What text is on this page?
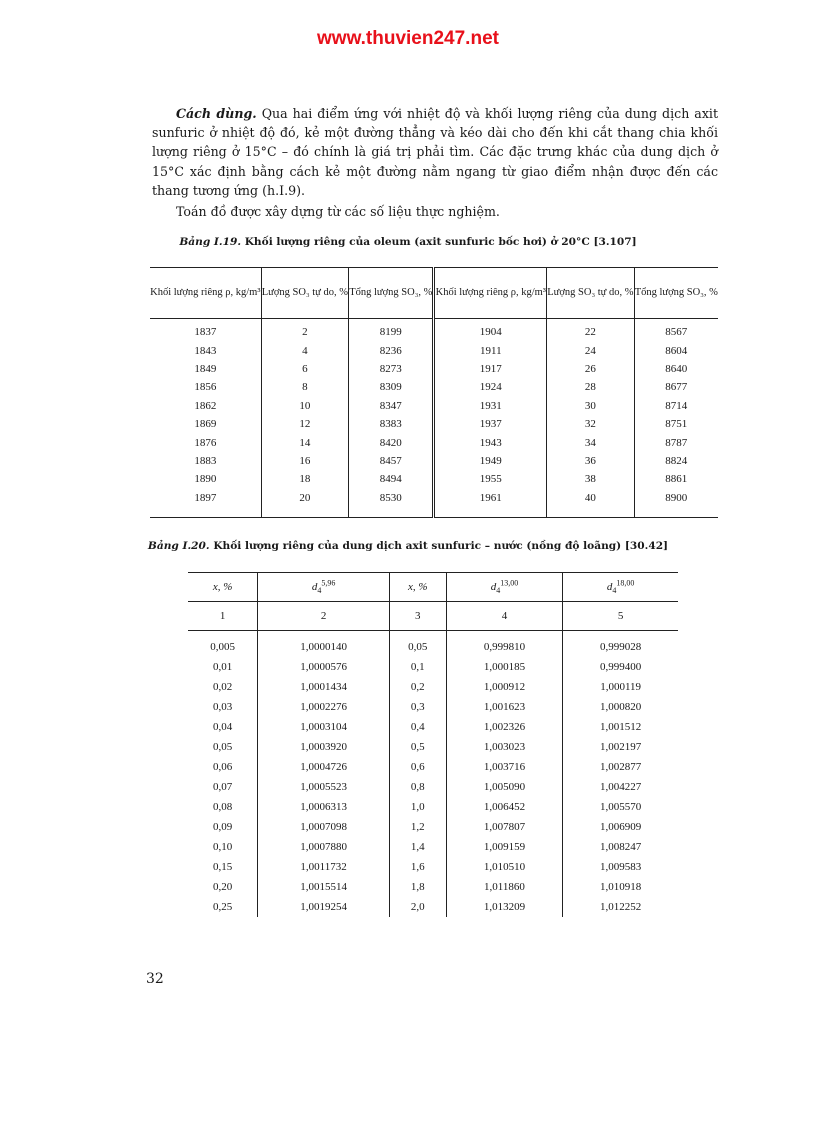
www.thuvien247.net
Cách dùng. Qua hai điểm ứng với nhiệt độ và khối lượng riêng của dung dịch axit sunfuric ở nhiệt độ đó, kẻ một đường thẳng và kéo dài cho đến khi cắt thang chia khối lượng riêng ở 15°C – đó chính là giá trị phải tìm. Các đặc trưng khác của dung dịch ở 15°C xác định bằng cách kẻ một đường nằm ngang từ giao điểm nhận được đến các thang tương ứng (h.I.9).
Toán đồ được xây dựng từ các số liệu thực nghiệm.
Bảng I.19. Khối lượng riêng của oleum (axit sunfuric bốc hơi) ở 20°C [3.107]
Khối lượng riêng ρ, kg/m³	Lượng SO₃ tự do, %	Tổng lượng SO₃, %	Khối lượng riêng ρ, kg/m³	Lượng SO₃ tự do, %	Tổng lượng SO₃, %
1837	2	8199	1904	22	8567
1843	4	8236	1911	24	8604
1849	6	8273	1917	26	8640
1856	8	8309	1924	28	8677
1862	10	8347	1931	30	8714
1869	12	8383	1937	32	8751
1876	14	8420	1943	34	8787
1883	16	8457	1949	36	8824
1890	18	8494	1955	38	8861
1897	20	8530	1961	40	8900
Bảng I.20. Khối lượng riêng của dung dịch axit sunfuric – nước (nồng độ loãng) [30.42]
x, %	$d_4^{5,96}$	x, %	$d_4^{13,00}$	$d_4^{18,00}$
1	2	3	4	5
0,005	1,0000140	0,05	0,999810	0,999028
0,01	1,0000576	0,1	1,000185	0,999400
0,02	1,0001434	0,2	1,000912	1,000119
0,03	1,0002276	0,3	1,001623	1,000820
0,04	1,0003104	0,4	1,002326	1,001512
0,05	1,0003920	0,5	1,003023	1,002197
0,06	1,0004726	0,6	1,003716	1,002877
0,07	1,0005523	0,8	1,005090	1,004227
0,08	1,0006313	1,0	1,006452	1,005570
0,09	1,0007098	1,2	1,007807	1,006909
0,10	1,0007880	1,4	1,009159	1,008247
0,15	1,0011732	1,6	1,010510	1,009583
0,20	1,0015514	1,8	1,011860	1,010918
0,25	1,0019254	2,0	1,013209	1,012252
32
